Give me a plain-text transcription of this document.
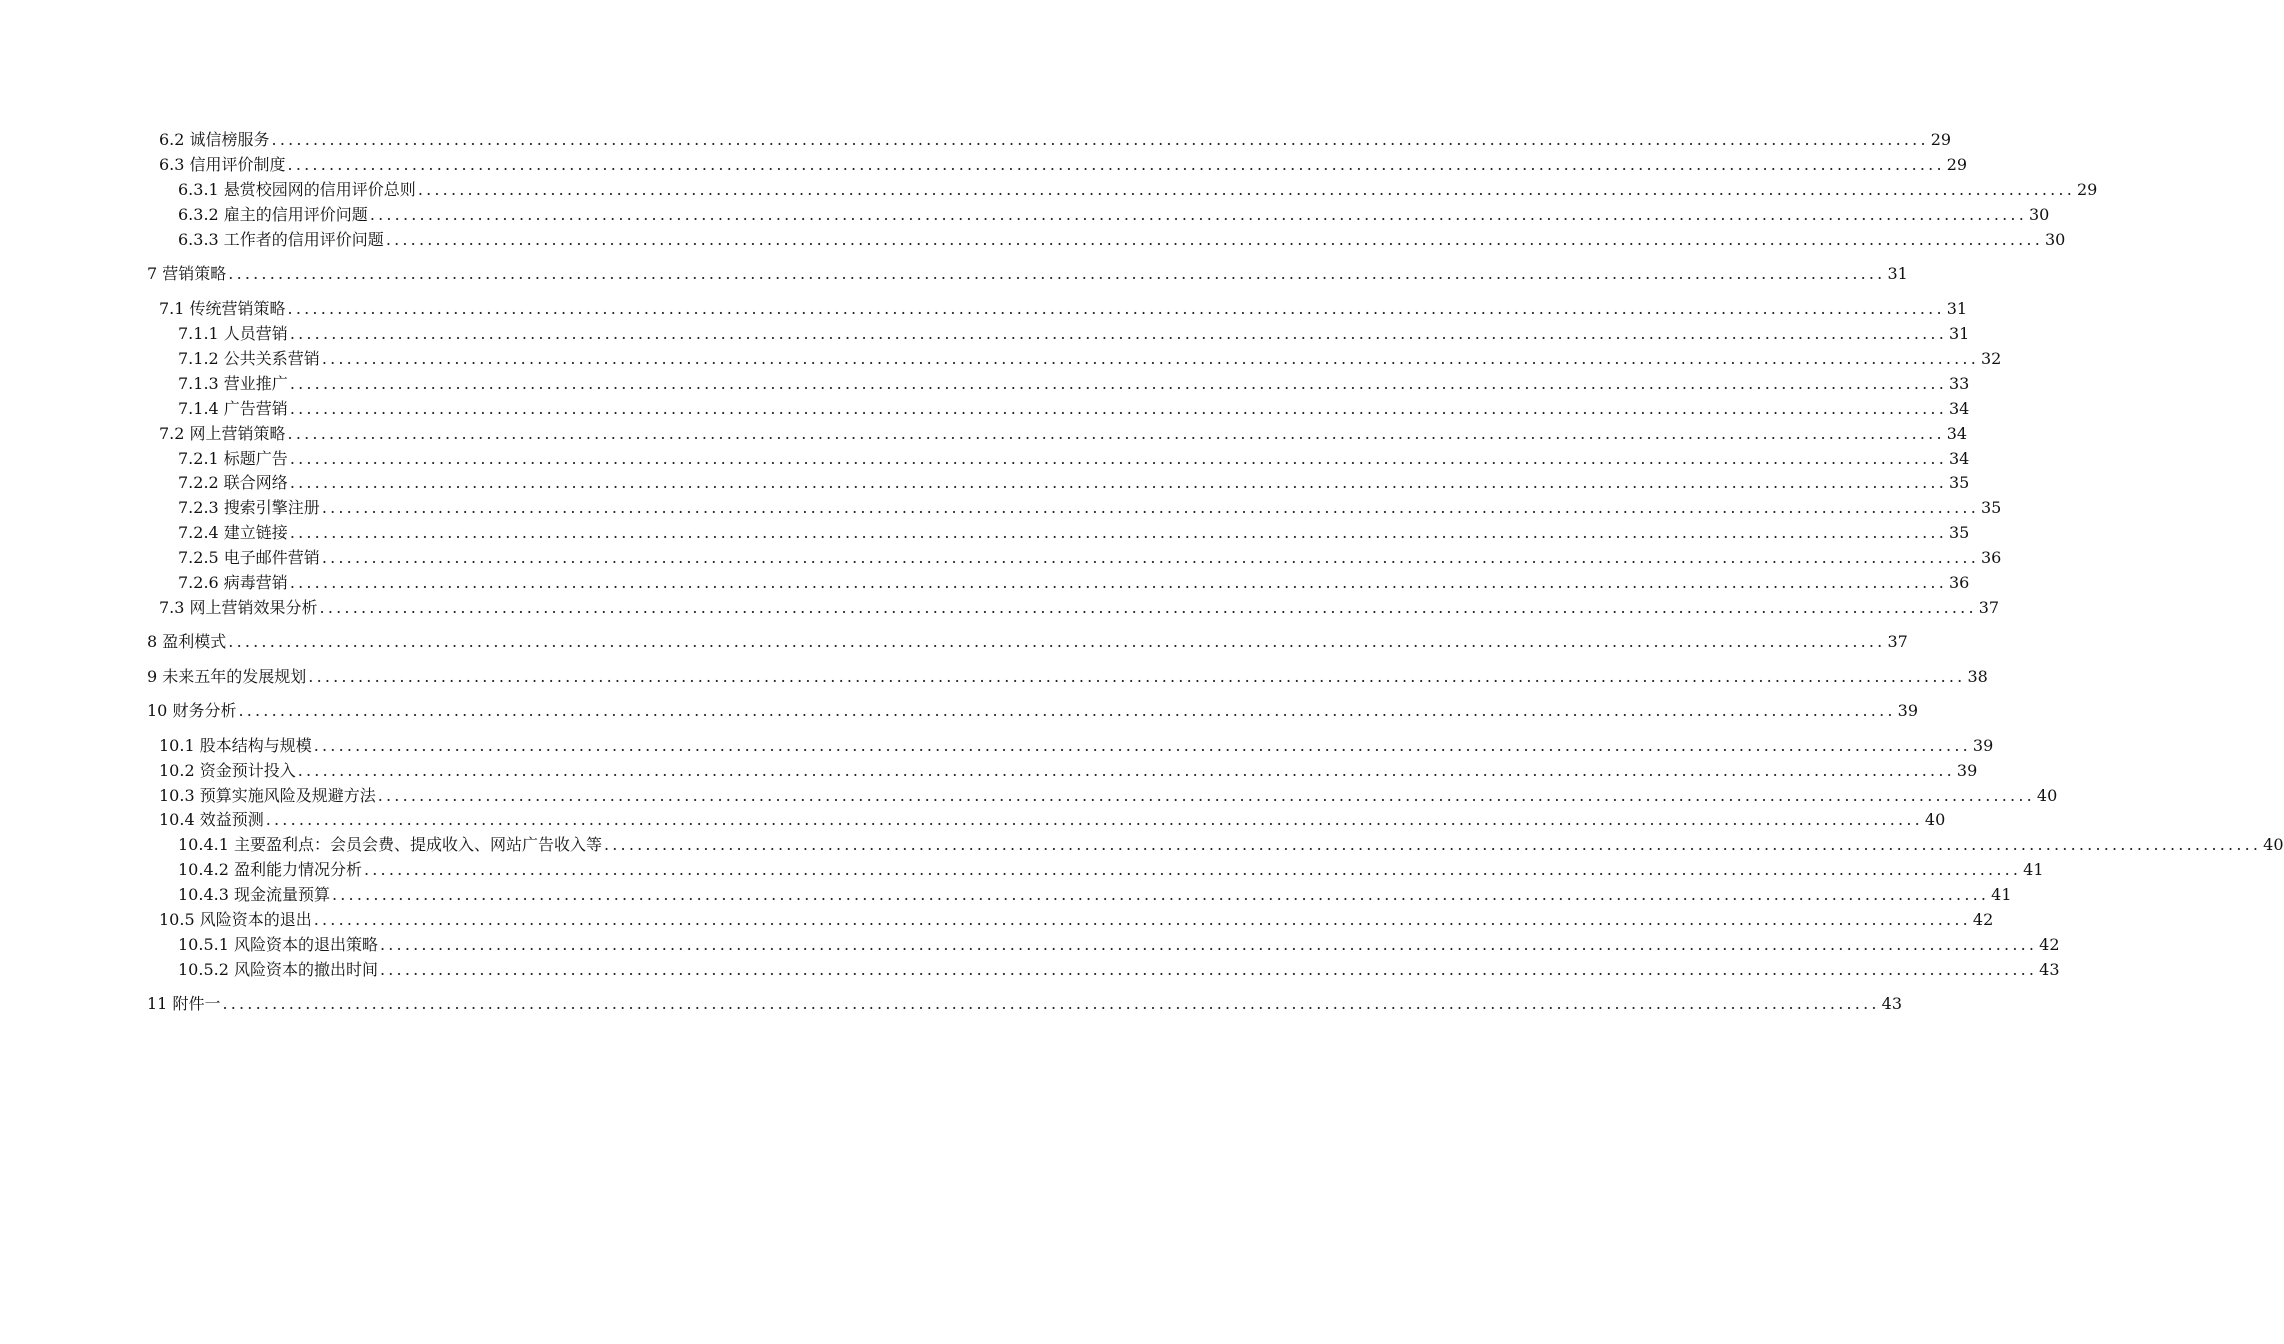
6.2 诚信榜服务 ........................................................................................................................................................................................................ 29
6.3 信用评价制度 ........................................................................................................................................................................................................ 29
6.3.1 悬赏校园网的信用评价总则 ........................................................................................................................................................................................................ 29
6.3.2 雇主的信用评价问题 ........................................................................................................................................................................................................ 30
6.3.3 工作者的信用评价问题 ........................................................................................................................................................................................................ 30
7 营销策略 ........................................................................................................................................................................................................ 31
7.1 传统营销策略 ........................................................................................................................................................................................................ 31
7.1.1 人员营销 ........................................................................................................................................................................................................ 31
7.1.2 公共关系营销 ........................................................................................................................................................................................................ 32
7.1.3 营业推广 ........................................................................................................................................................................................................ 33
7.1.4 广告营销 ........................................................................................................................................................................................................ 34
7.2 网上营销策略 ........................................................................................................................................................................................................ 34
7.2.1 标题广告 ........................................................................................................................................................................................................ 34
7.2.2 联合网络 ........................................................................................................................................................................................................ 35
7.2.3 搜索引擎注册 ........................................................................................................................................................................................................ 35
7.2.4 建立链接 ........................................................................................................................................................................................................ 35
7.2.5 电子邮件营销 ........................................................................................................................................................................................................ 36
7.2.6 病毒营销 ........................................................................................................................................................................................................ 36
7.3 网上营销效果分析 ........................................................................................................................................................................................................ 37
8 盈利模式 ........................................................................................................................................................................................................ 37
9 未来五年的发展规划 ........................................................................................................................................................................................................ 38
10 财务分析 ........................................................................................................................................................................................................ 39
10.1 股本结构与规模 ........................................................................................................................................................................................................ 39
10.2 资金预计投入 ........................................................................................................................................................................................................ 39
10.3 预算实施风险及规避方法 ........................................................................................................................................................................................................ 40
10.4 效益预测 ........................................................................................................................................................................................................ 40
10.4.1 主要盈利点：会员会费、提成收入、网站广告收入等 ........................................................................................................................................................................................................ 40
10.4.2 盈利能力情况分析 ........................................................................................................................................................................................................ 41
10.4.3 现金流量预算 ........................................................................................................................................................................................................ 41
10.5 风险资本的退出 ........................................................................................................................................................................................................ 42
10.5.1 风险资本的退出策略 ........................................................................................................................................................................................................ 42
10.5.2 风险资本的撤出时间 ........................................................................................................................................................................................................ 43
11 附件一 ........................................................................................................................................................................................................ 43
